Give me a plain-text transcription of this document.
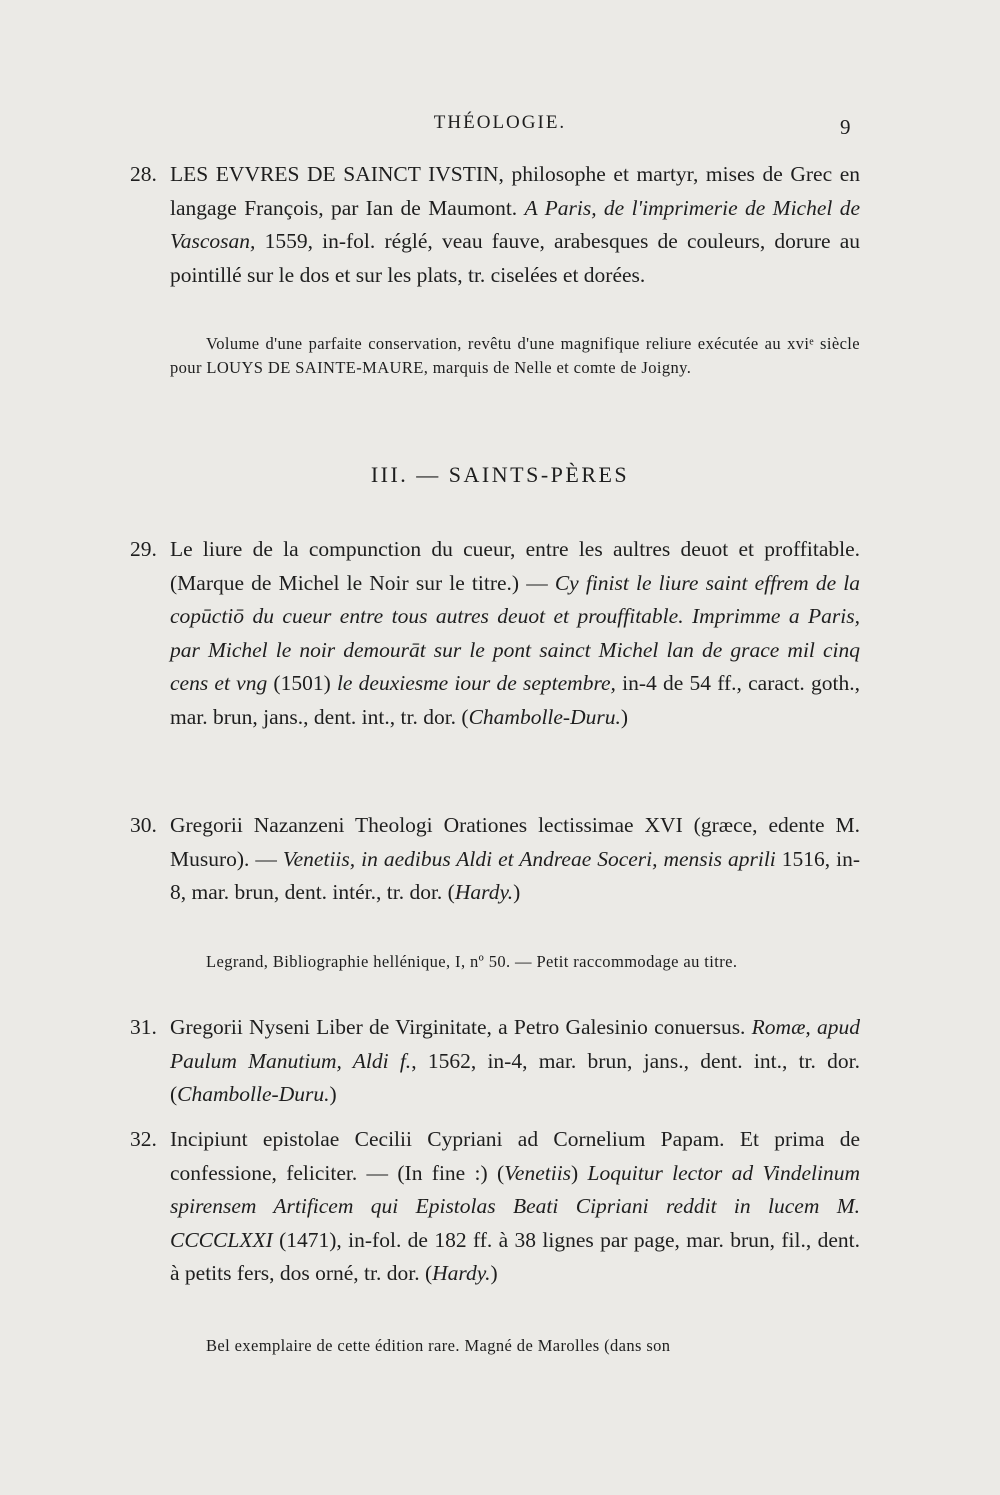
THÉOLOGIE.	9
28. LES EVVRES DE SAINCT IVSTIN, philosophe et martyr, mises de Grec en langage François, par Ian de Maumont. A Paris, de l'imprimerie de Michel de Vascosan, 1559, in-fol. réglé, veau fauve, arabesques de couleurs, dorure au pointillé sur le dos et sur les plats, tr. ciselées et dorées.
Volume d'une parfaite conservation, revêtu d'une magnifique reliure exécutée au xviᵉ siècle pour LOUYS DE SAINTE-MAURE, marquis de Nelle et comte de Joigny.
III. — SAINTS-PÈRES
29. Le liure de la compunction du cueur, entre les aultres deuot et proffitable. (Marque de Michel le Noir sur le titre.) — Cy finist le liure saint effrem de la copūctiō du cueur entre tous autres deuot et prouffitable. Imprimme a Paris, par Michel le noir demourāt sur le pont sainct Michel lan de grace mil cinq cens et vng (1501) le deuxiesme iour de septembre, in-4 de 54 ff., caract. goth., mar. brun, jans., dent. int., tr. dor. (Chambolle-Duru.)
30. Gregorii Nazanzeni Theologi Orationes lectissimae XVI (græce, edente M. Musuro). — Venetiis, in aedibus Aldi et Andreae Soceri, mensis aprili 1516, in-8, mar. brun, dent. intér., tr. dor. (Hardy.)
Legrand, Bibliographie hellénique, I, nº 50. — Petit raccommodage au titre.
31. Gregorii Nyseni Liber de Virginitate, a Petro Galesinio conuersus. Romæ, apud Paulum Manutium, Aldi f., 1562, in-4, mar. brun, jans., dent. int., tr. dor. (Chambolle-Duru.)
32. Incipiunt epistolae Cecilii Cypriani ad Cornelium Papam. Et prima de confessione, feliciter. — (In fine :) (Venetiis) Loquitur lector ad Vindelinum spirensem Artificem qui Epistolas Beati Cipriani reddit in lucem M. CCCCLXXI (1471), in-fol. de 182 ff. à 38 lignes par page, mar. brun, fil., dent. à petits fers, dos orné, tr. dor. (Hardy.)
Bel exemplaire de cette édition rare. Magné de Marolles (dans son
